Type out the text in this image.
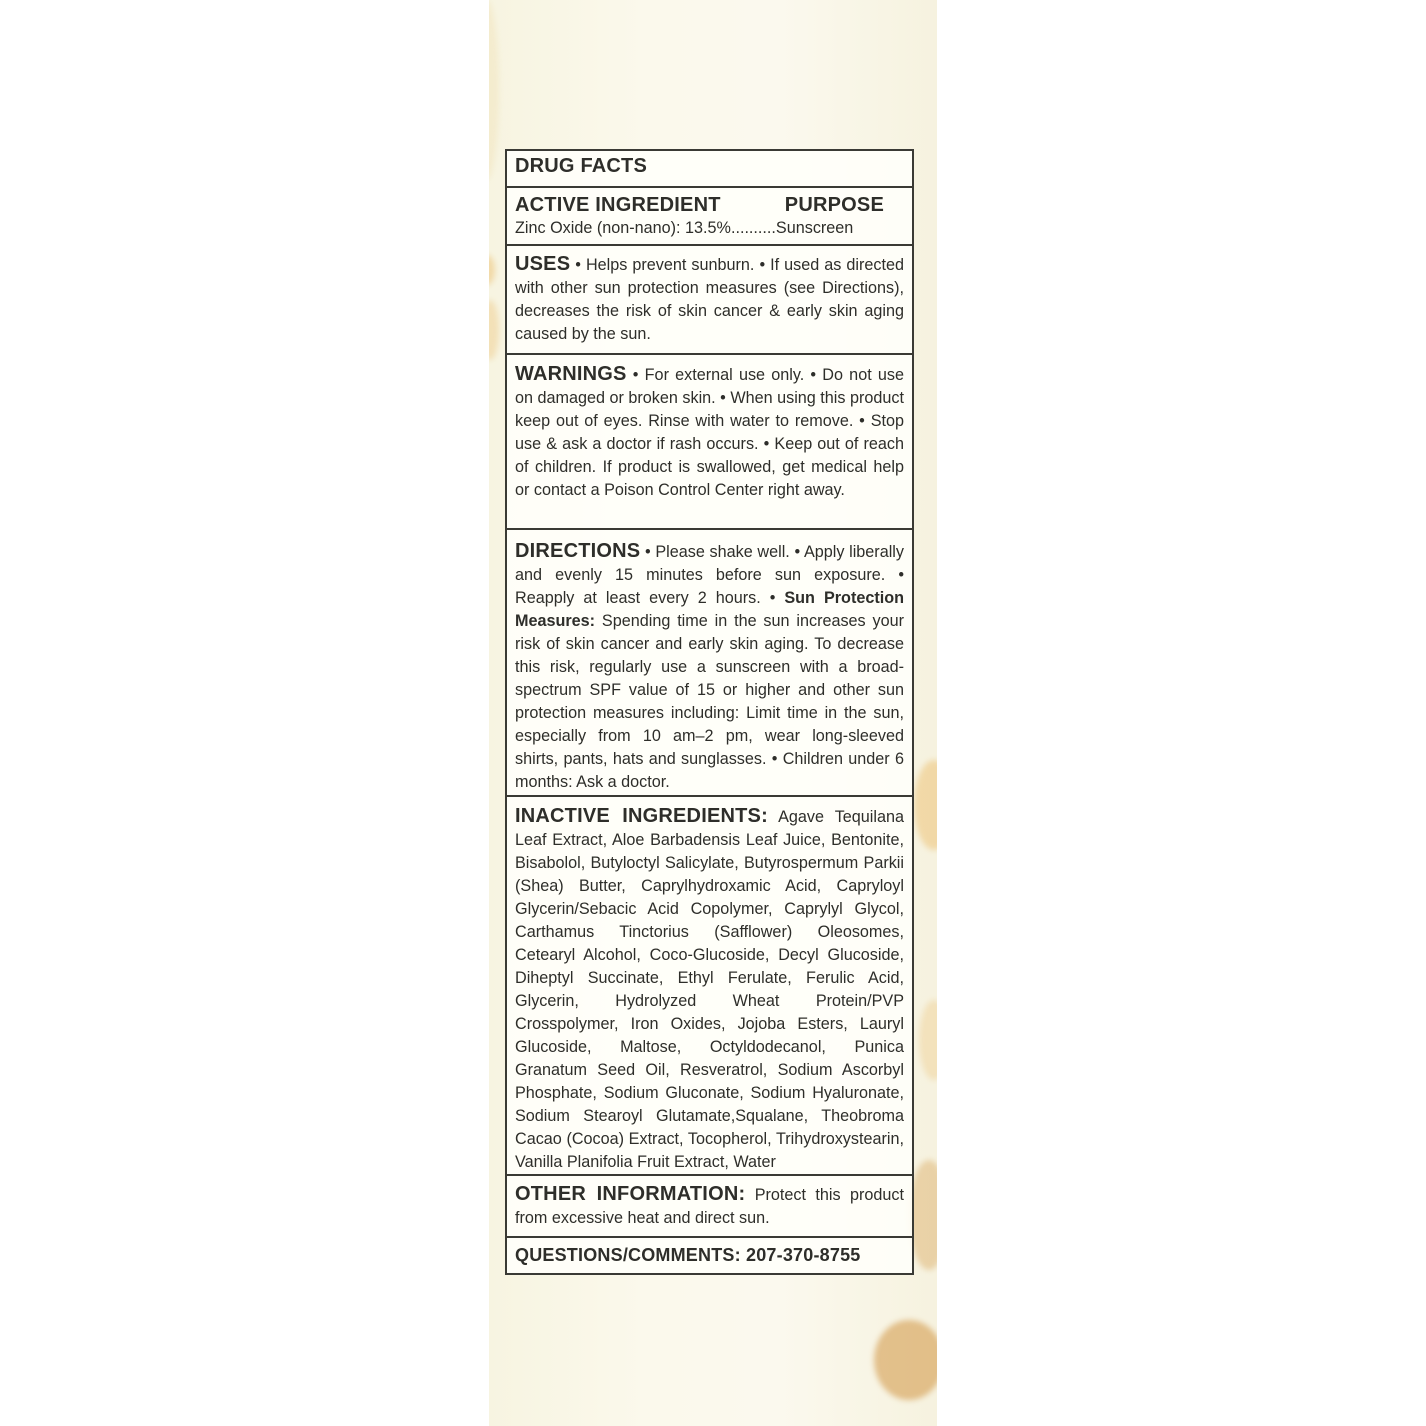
DRUG FACTS
ACTIVE INGREDIENT	PURPOSE
Zinc Oxide (non-nano): 13.5%..........Sunscreen
USES • Helps prevent sunburn. • If used as directed with other sun protection measures (see Directions), decreases the risk of skin cancer & early skin aging caused by the sun.
WARNINGS • For external use only. • Do not use on damaged or broken skin. • When using this product keep out of eyes. Rinse with water to remove. • Stop use & ask a doctor if rash occurs. • Keep out of reach of children. If product is swallowed, get medical help or contact a Poison Control Center right away.
DIRECTIONS • Please shake well. • Apply liberally and evenly 15 minutes before sun exposure. • Reapply at least every 2 hours. • Sun Protection Measures: Spending time in the sun increases your risk of skin cancer and early skin aging. To decrease this risk, regularly use a sunscreen with a broad-spectrum SPF value of 15 or higher and other sun protection measures including: Limit time in the sun, especially from 10 am–2 pm, wear long-sleeved shirts, pants, hats and sunglasses. • Children under 6 months: Ask a doctor.
INACTIVE INGREDIENTS: Agave Tequilana Leaf Extract, Aloe Barbadensis Leaf Juice, Bentonite, Bisabolol, Butyloctyl Salicylate, Butyrospermum Parkii (Shea) Butter, Caprylhydroxamic Acid, Capryloyl Glycerin/Sebacic Acid Copolymer, Caprylyl Glycol, Carthamus Tinctorius (Safflower) Oleosomes, Cetearyl Alcohol, Coco-Glucoside, Decyl Glucoside, Diheptyl Succinate, Ethyl Ferulate, Ferulic Acid, Glycerin, Hydrolyzed Wheat Protein/PVP Crosspolymer, Iron Oxides, Jojoba Esters, Lauryl Glucoside, Maltose, Octyldodecanol, Punica Granatum Seed Oil, Resveratrol, Sodium Ascorbyl Phosphate, Sodium Gluconate, Sodium Hyaluronate, Sodium Stearoyl Glutamate,Squalane, Theobroma Cacao (Cocoa) Extract, Tocopherol, Trihydroxystearin, Vanilla Planifolia Fruit Extract, Water
OTHER INFORMATION: Protect this product from excessive heat and direct sun.
QUESTIONS/COMMENTS: 207-370-8755
